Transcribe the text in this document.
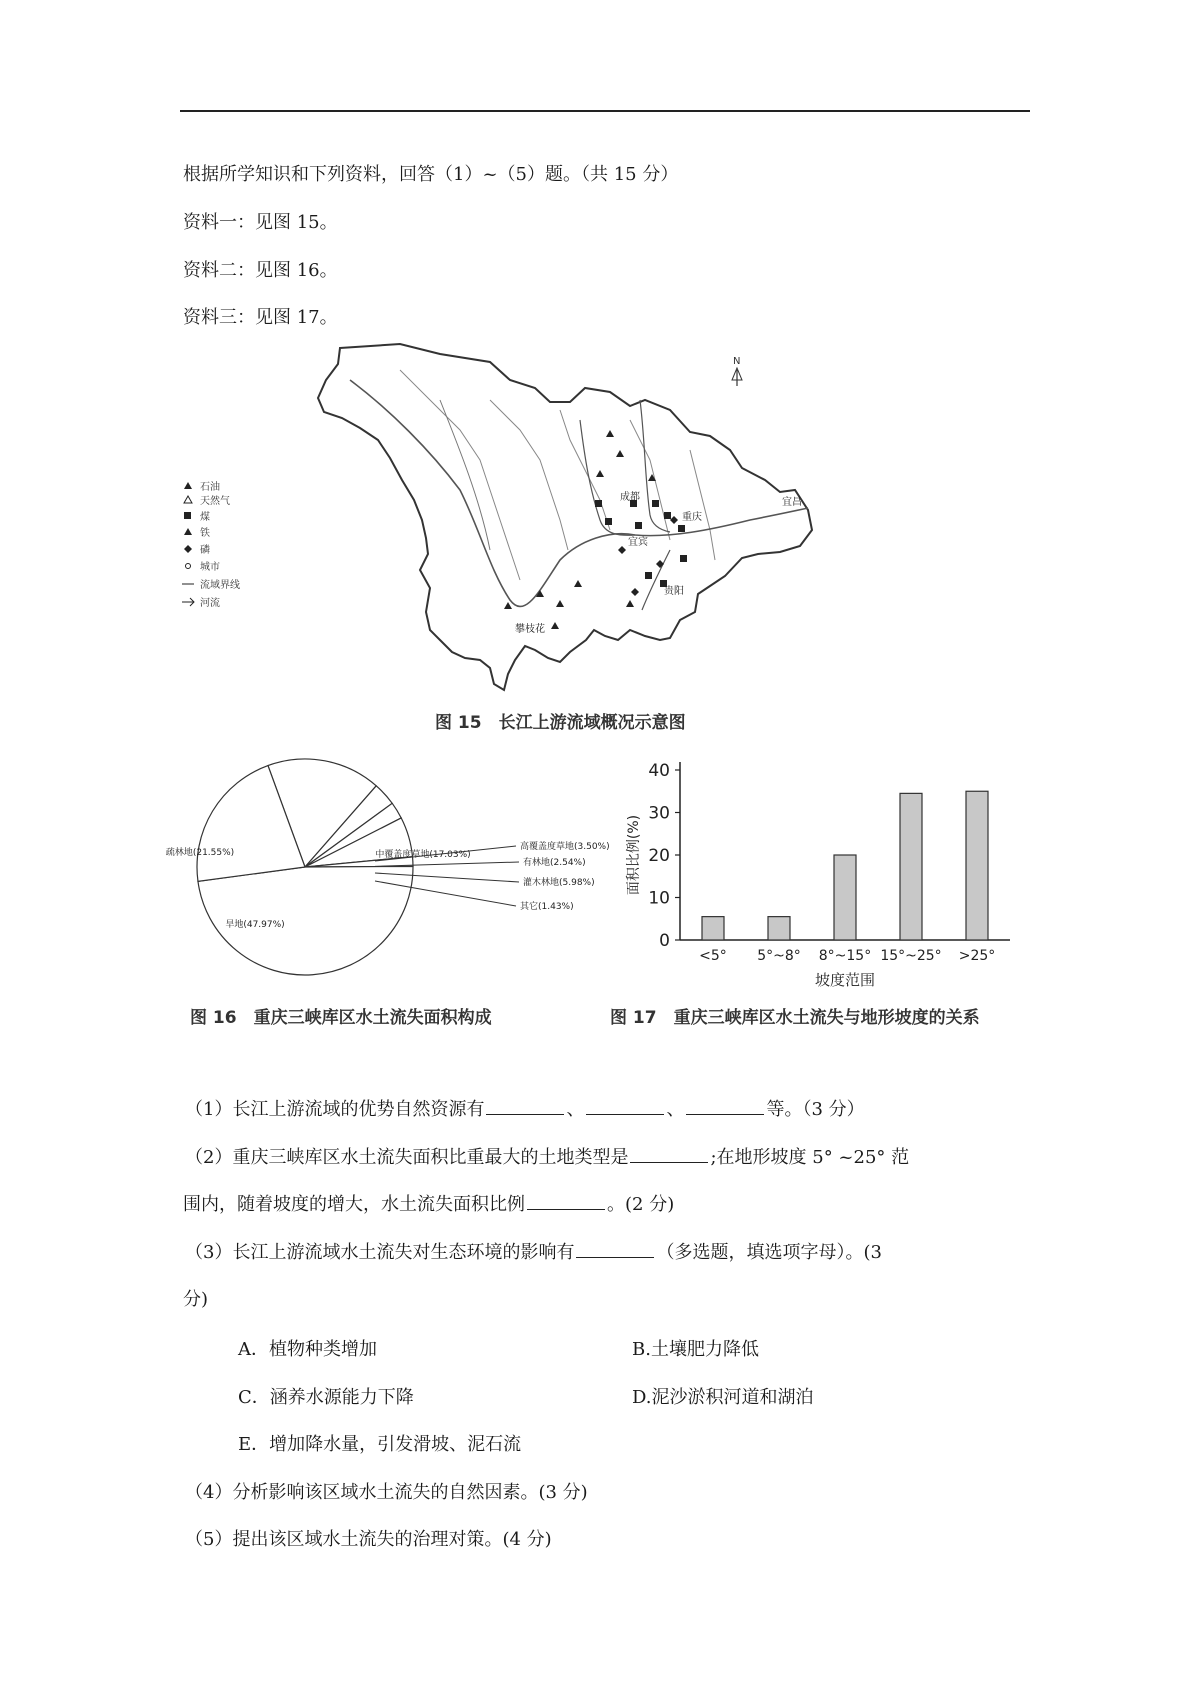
根据所学知识和下列资料，回答（1）~（5）题。（共 15 分）
资料一：见图 15。
资料二：见图 16。
资料三：见图 17。
成都
重庆
宜宾
攀枝花
宜昌
贵阳
N
石油
天然气
煤
铁
磷
城市
流域界线
河流
图 15　长江上游流域概况示意图
中覆盖度草地(17.03%)
高覆盖度草地(3.50%)
有林地(2.54%)
灌木林地(5.98%)
其它(1.43%)
旱地(47.97%)
疏林地(21.55%)
图 16　重庆三峡库区水土流失面积构成
0
10
20
30
40
面积比例(%)
<5° 5°~8° 8°~15° 15°~25° >25°
坡度范围
图 17　重庆三峡库区水土流失与地形坡度的关系
（1）长江上游流域的优势自然资源有	、	、	等。（3 分）
（2）重庆三峡库区水土流失面积比重最大的土地类型是	;在地形坡度 5° ~25° 范
围内，随着坡度的增大，水土流失面积比例	。(2 分)
（3）长江上游流域水土流失对生态环境的影响有	（多选题，填选项字母）。(3
分)
A．植物种类增加	B.土壤肥力降低
C．涵养水源能力下降	D.泥沙淤积河道和湖泊
E．增加降水量，引发滑坡、泥石流
（4）分析影响该区域水土流失的自然因素。(3 分)
（5）提出该区域水土流失的治理对策。(4 分)
